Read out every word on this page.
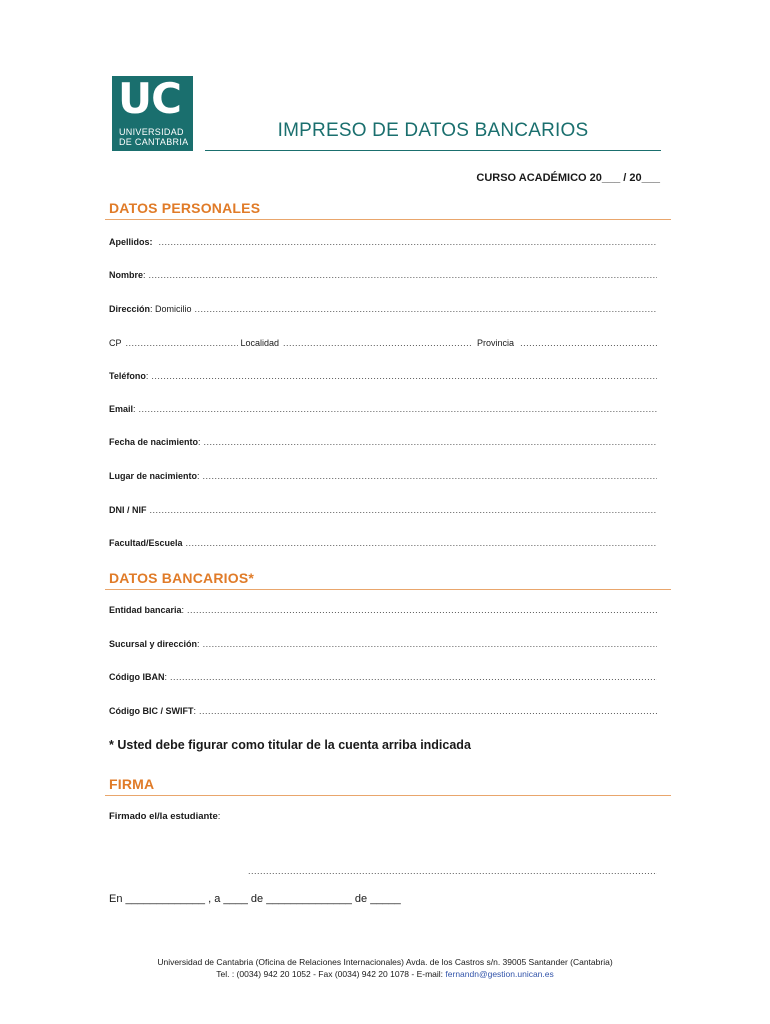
UC
UNIVERSIDAD
DE CANTABRIA
IMPRESO DE DATOS BANCARIOS
CURSO ACADÉMICO 20___ / 20___
DATOS PERSONALES
Apellidos:
.....
Nombre :
.....
Dirección : Domicilio
.....
CP .....	Localidad .....	Provincia
.....
Teléfono :
.....
Email :
.....
Fecha de nacimiento :
.....
Lugar de nacimiento :
.....
DNI / NIF
.....
Facultad/Escuela
.....
DATOS BANCARIOS*
Entidad bancaria :
.....
Sucursal y dirección :
.....
Código IBAN :
.....
Código BIC / SWIFT :
.....
* Usted debe figurar como titular de la cuenta arriba indicada
FIRMA
Firmado el/la estudiante:
.....
En _____________ , a ____ de ______________ de _____
Universidad de Cantabria (Oficina de Relaciones Internacionales) Avda. de los Castros s/n. 39005 Santander (Cantabria)
Tel. : (0034) 942 20 1052 - Fax (0034) 942 20 1078 - E-mail: fernandn@gestion.unican.es
